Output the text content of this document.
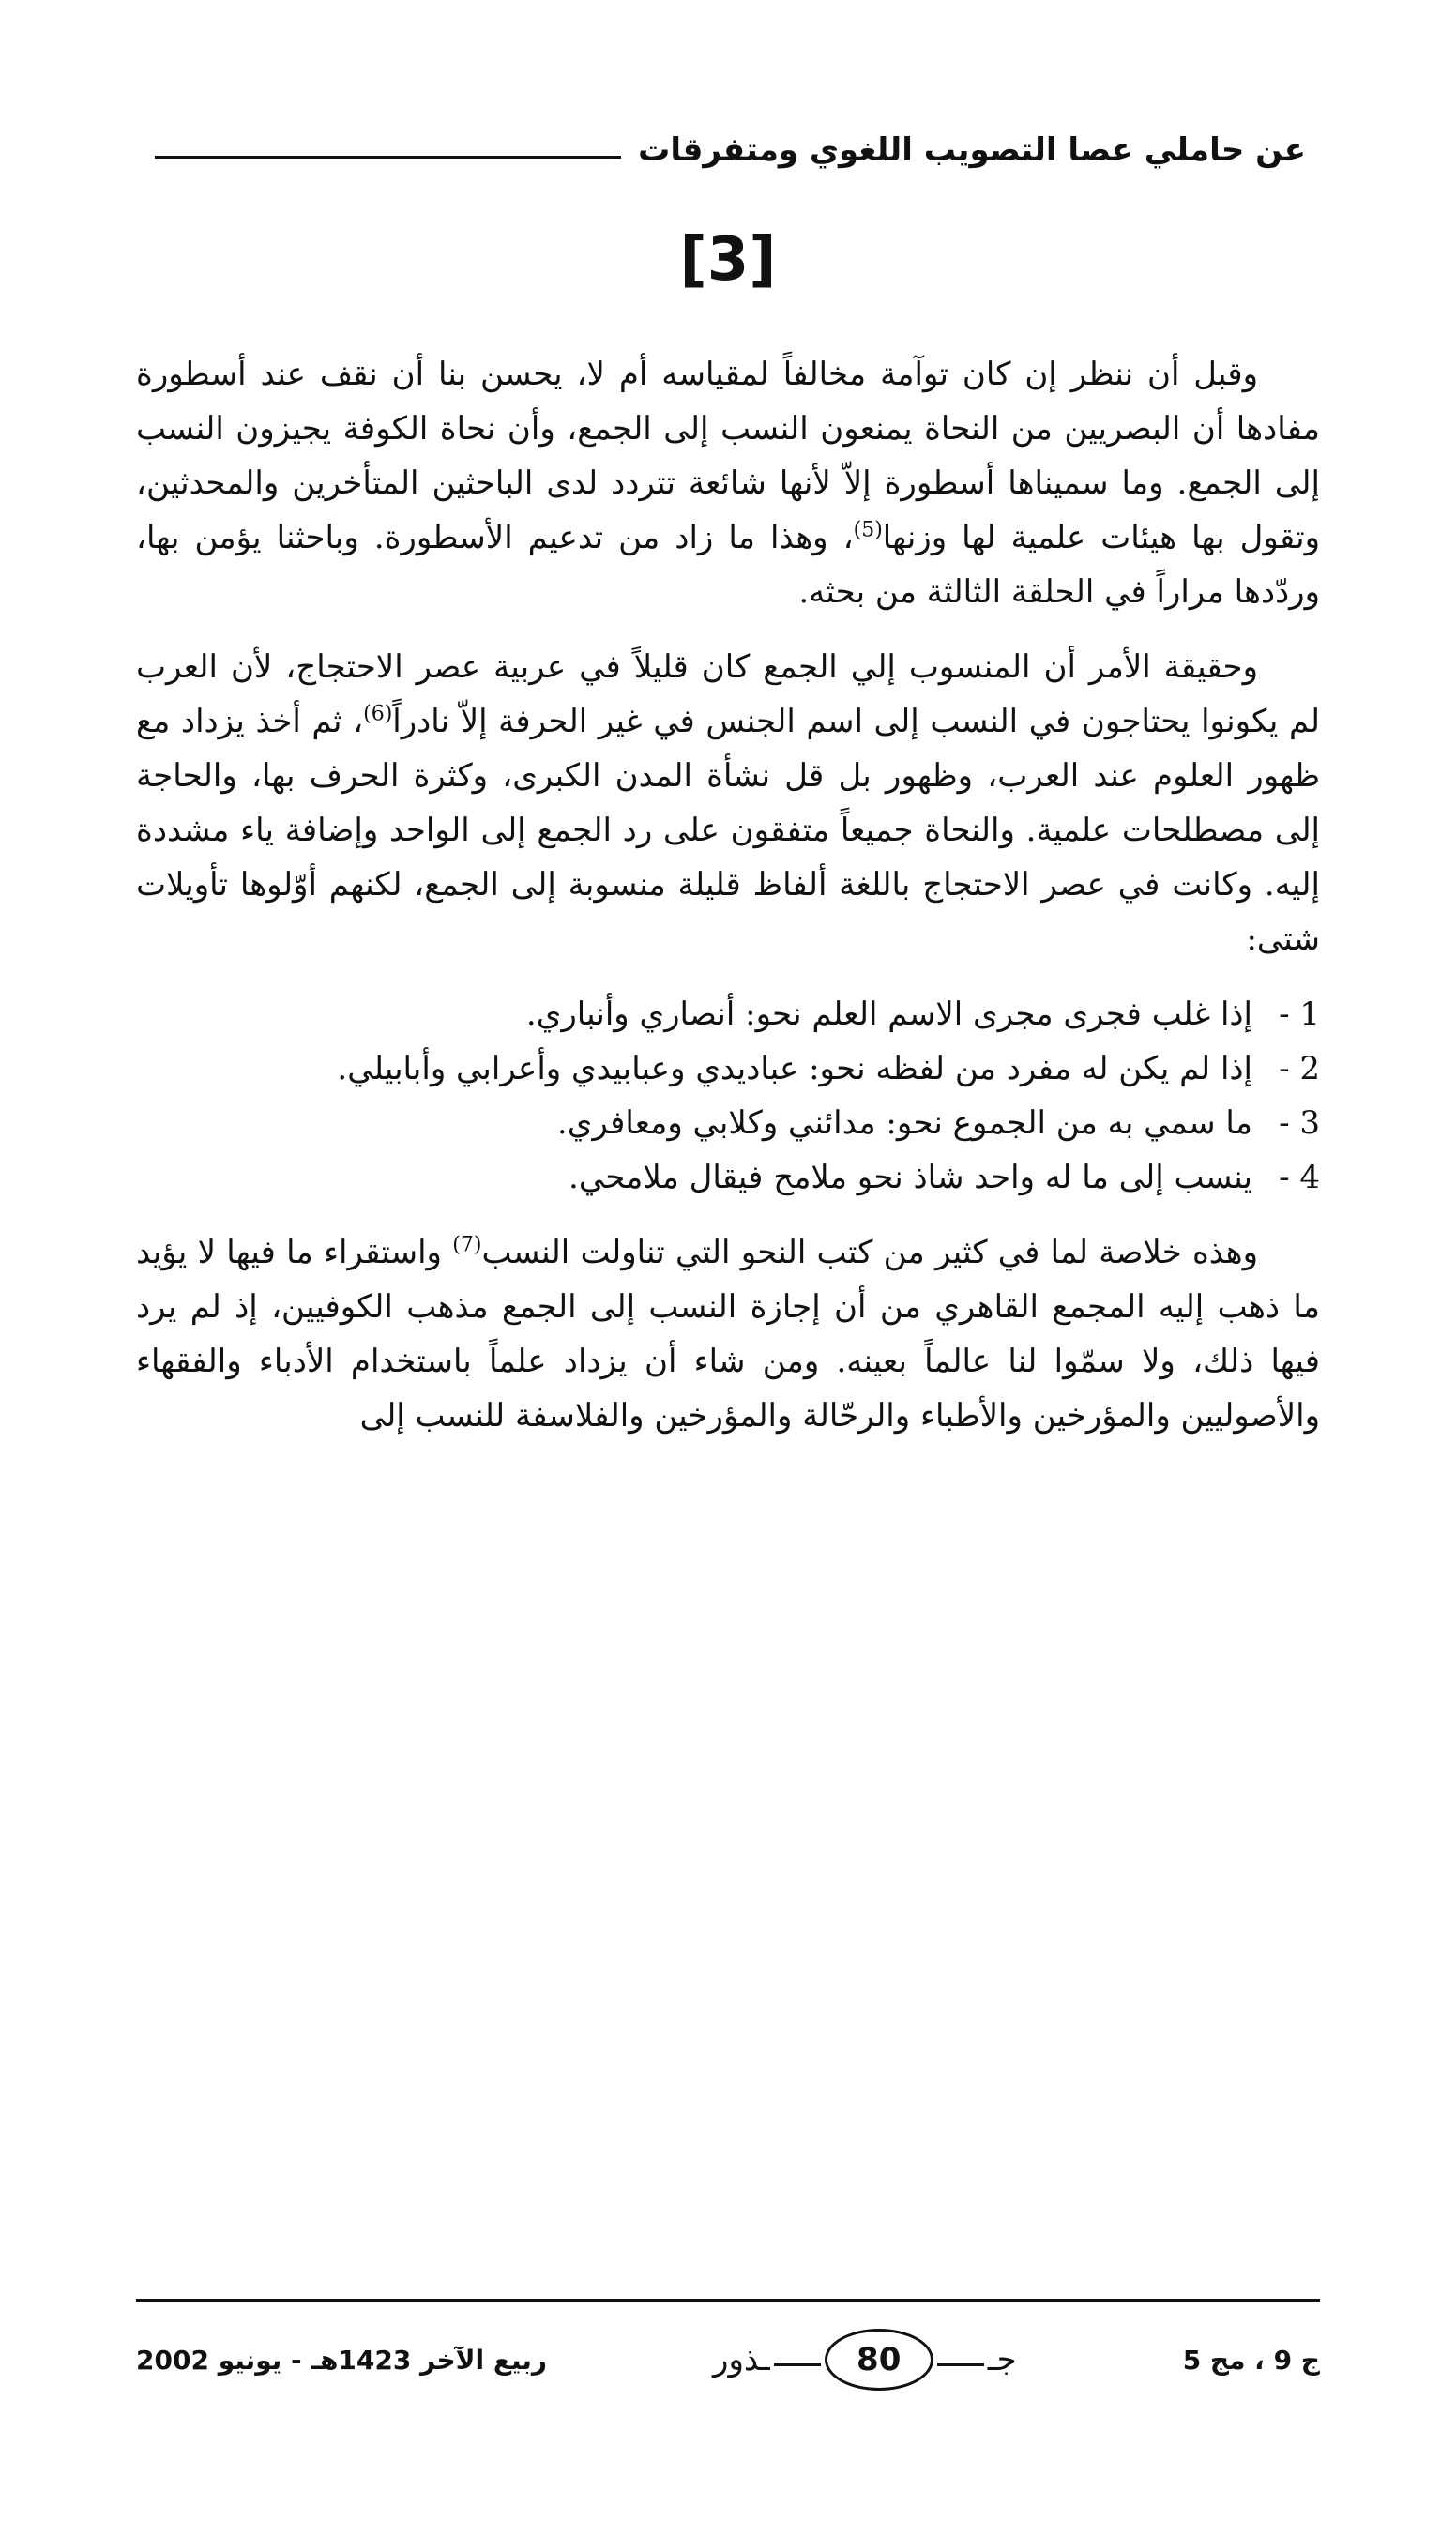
عن حاملي عصا التصويب اللغوي ومتفرقات
[3]

وقبل أن ننظر إن كان توآمة مخالفاً لمقياسه أم لا، يحسن بنا أن نقف عند أسطورة مفادها أن البصريين من النحاة يمنعون النسب إلى الجمع، وأن نحاة الكوفة يجيزون النسب إلى الجمع. وما سميناها أسطورة إلاّ لأنها شائعة تتردد لدى الباحثين المتأخرين والمحدثين، وتقول بها هيئات علمية لها وزنها$^{(5)}$، وهذا ما زاد من تدعيم الأسطورة. وباحثنا يؤمن بها، وردّدها مراراً في الحلقة الثالثة من بحثه.

وحقيقة الأمر أن المنسوب إلي الجمع كان قليلاً في عربية عصر الاحتجاج، لأن العرب لم يكونوا يحتاجون في النسب إلى اسم الجنس في غير الحرفة إلاّ نادراً$^{(6)}$، ثم أخذ يزداد مع ظهور العلوم عند العرب، وظهور بل قل نشأة المدن الكبرى، وكثرة الحرف بها، والحاجة إلى مصطلحات علمية. والنحاة جميعاً متفقون على رد الجمع إلى الواحد وإضافة ياء مشددة إليه. وكانت في عصر الاحتجاج باللغة ألفاظ قليلة منسوبة إلى الجمع، لكنهم أوّلوها تأويلات شتى:

1 -
إذا غلب فجرى مجرى الاسم العلم نحو: أنصاري وأنباري.
2 -
إذا لم يكن له مفرد من لفظه نحو: عباديدي وعبابيدي وأعرابي وأبابيلي.
3 -
ما سمي به من الجموع نحو: مدائني وكلابي ومعافري.
4 -
ينسب إلى ما له واحد شاذ نحو ملامح فيقال ملامحي.

وهذه خلاصة لما في كثير من كتب النحو التي تناولت النسب$^{(7)}$ واستقراء ما فيها لا يؤيد ما ذهب إليه المجمع القاهري من أن إجازة النسب إلى الجمع مذهب الكوفيين، إذ لم يرد فيها ذلك، ولا سمّوا لنا عالماً بعينه. ومن شاء أن يزداد علماً باستخدام الأدباء والفقهاء والأصوليين والمؤرخين والأطباء والرحّالة والمؤرخين والفلاسفة للنسب إلى

ج 9 ، مج 5
جـ
80
ـذور
ربيع الآخر 1423هـ - يونيو 2002
